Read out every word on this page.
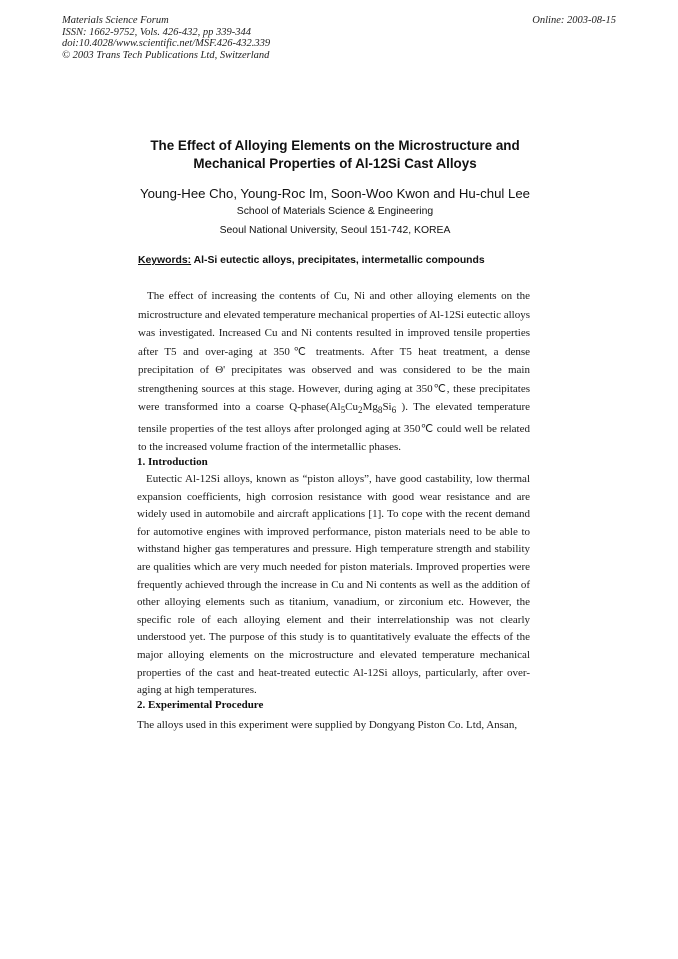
Materials Science Forum
ISSN: 1662-9752, Vols. 426-432, pp 339-344
doi:10.4028/www.scientific.net/MSF.426-432.339
© 2003 Trans Tech Publications Ltd, Switzerland
Online: 2003-08-15
The Effect of Alloying Elements on the Microstructure and
Mechanical Properties of Al-12Si Cast Alloys
Young-Hee Cho, Young-Roc Im, Soon-Woo Kwon and Hu-chul Lee
School of Materials Science & Engineering
Seoul National University, Seoul 151-742, KOREA
Keywords: Al-Si eutectic alloys, precipitates, intermetallic compounds

The effect of increasing the contents of Cu, Ni and other alloying elements on the microstructure and elevated temperature mechanical properties of Al-12Si eutectic alloys was investigated. Increased Cu and Ni contents resulted in improved tensile properties after T5 and over-aging at 350℃ treatments. After T5 heat treatment, a dense precipitation of Θ' precipitates was observed and was considered to be the main strengthening sources at this stage. However, during aging at 350℃, these precipitates were transformed into a coarse $Q-phase(Al_5Cu_2Mg_8Si_6$ ). The elevated temperature tensile properties of the test alloys after prolonged aging at 350℃ could well be related to the increased volume fraction of the intermetallic phases.

1. Introduction

Eutectic Al-12Si alloys, known as “piston alloys”, have good castability, low thermal expansion coefficients, high corrosion resistance with good wear resistance and are widely used in automobile and aircraft applications [1]. To cope with the recent demand for automotive engines with improved performance, piston materials need to be able to withstand higher gas temperatures and pressure. High temperature strength and stability are qualities which are very much needed for piston materials. Improved properties were frequently achieved through the increase in Cu and Ni contents as well as the addition of other alloying elements such as titanium, vanadium, or zirconium etc. However, the specific role of each alloying element and their interrelationship was not clearly understood yet. The purpose of this study is to quantitatively evaluate the effects of the major alloying elements on the microstructure and elevated temperature mechanical properties of the cast and heat-treated eutectic Al-12Si alloys, particularly, after over-aging at high temperatures.

2. Experimental Procedure

The alloys used in this experiment were supplied by Dongyang Piston Co. Ltd, Ansan,
